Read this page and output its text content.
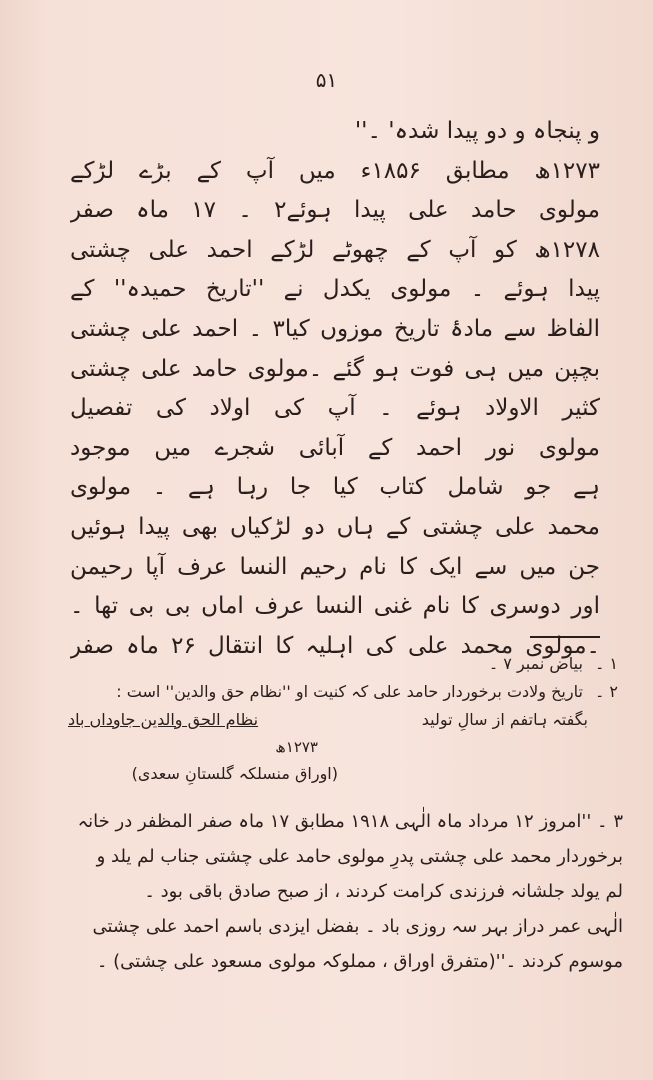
۵۱
و پنجاہ و دو پیدا شدہ' ۔''
۱۲۷۳ھ مطابق ۱۸۵۶ء میں آپ کے بڑے لڑکے
مولوی حامد علی پیدا ہوئے۲ ۔ ۱۷ ماہ صفر
۱۲۷۸ھ کو آپ کے چھوٹے لڑکے احمد علی چشتی
پیدا ہوئے ۔ مولوی یکدل نے ''تاریخ حمیدہ'' کے
الفاظ سے مادۂ تاریخ موزوں کیا۳ ۔ احمد علی چشتی
بچپن میں ہی فوت ہو گئے ۔مولوی حامد علی چشتی
کثیر الاولاد ہوئے ۔ آپ کی اولاد کی تفصیل
مولوی نور احمد کے آبائی شجرے میں موجود
ہے جو شامل کتاب کیا جا رہا ہے ۔ مولوی
محمد علی چشتی کے ہاں دو لڑکیاں بھی پیدا ہوئیں
جن میں سے ایک کا نام رحیم النسا عرف آپا رحیمن
اور دوسری کا نام غنی النسا عرف اماں بی بی تھا ۔
۔مولوی محمد علی کی اہلیہ کا انتقال ۲۶ ماہ صفر
۱ ۔ بیاض نمبر ۷ ۔
۲ ۔ تاریخ ولادت برخوردار حامد علی کہ کنیت او ''نظام حق والدین'' است :
بگفتہ ہاتفم از سالِ تولید
نظام الحق والدین جاوداں باد
۱۲۷۳ھ
(اوراق منسلکہ گلستانِ سعدی)
۳ ۔ ''امروز ۱۲ مرداد ماہ الٰہی ۱۹۱۸ مطابق ۱۷ ماہ صفر المظفر در خانہ
برخوردار محمد علی چشتی پدرِ مولوی حامد علی چشتی جناب لم یلد و
لم یولد جلشانہ فرزندی کرامت کردند ، از صبح صادق باقی بود ۔
الٰہی عمر دراز بہر سہ روزی باد ۔ بفضل ایزدی باسم احمد علی چشتی
موسوم کردند ۔''(متفرق اوراق ، مملوکہ مولوی مسعود علی چشتی) ۔
